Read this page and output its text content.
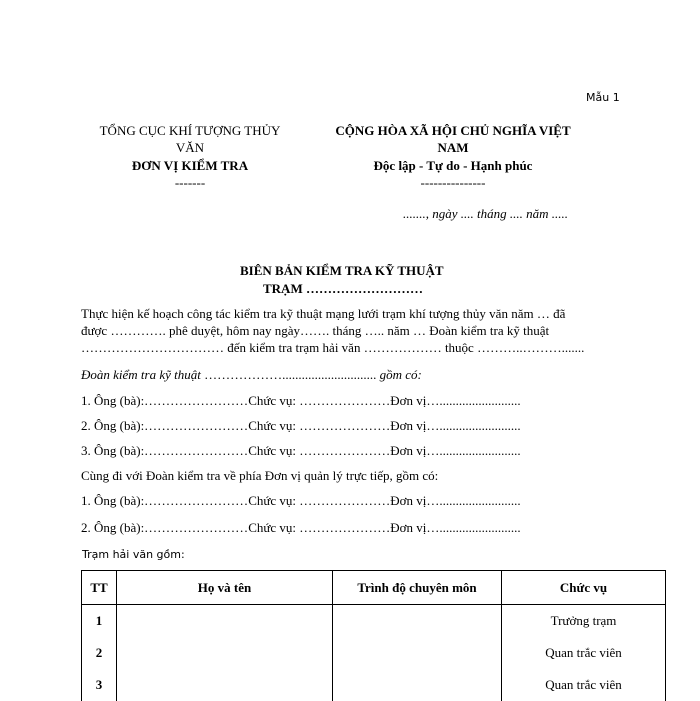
Mẫu 1
TỔNG CỤC KHÍ TƯỢNG THỦY
VĂN
ĐƠN VỊ KIỂM TRA
-------
CỘNG HÒA XÃ HỘI CHỦ NGHĨA VIỆT
NAM
Độc lập - Tự do - Hạnh phúc
---------------
......., ngày .... tháng .... năm .....
BIÊN BẢN KIỂM TRA KỸ THUẬT
TRẠM ………………………
Thực hiện kế hoạch công tác kiểm tra kỹ thuật mạng lưới trạm khí tượng thủy văn năm … đã
được …………. phê duyệt, hôm nay ngày……. tháng ….. năm … Đoàn kiểm tra kỹ thuật
…………………………… đến kiểm tra trạm hải văn ……………… thuộc ………..……….......
Đoàn kiểm tra kỹ thuật ………………............................. gồm có:
1. Ông (bà):……………………Chức vụ: …………………Đơn vị….........................
2. Ông (bà):……………………Chức vụ: …………………Đơn vị….........................
3. Ông (bà):……………………Chức vụ: …………………Đơn vị….........................
Cùng đi với Đoàn kiểm tra về phía Đơn vị quản lý trực tiếp, gồm có:
1. Ông (bà):……………………Chức vụ: …………………Đơn vị….........................
2. Ông (bà):……………………Chức vụ: …………………Đơn vị….........................
Trạm hải văn gồm:
TT	Họ và tên	Trình độ chuyên môn	Chức vụ
1			Trưởng trạm
2			Quan trắc viên
3			Quan trắc viên
